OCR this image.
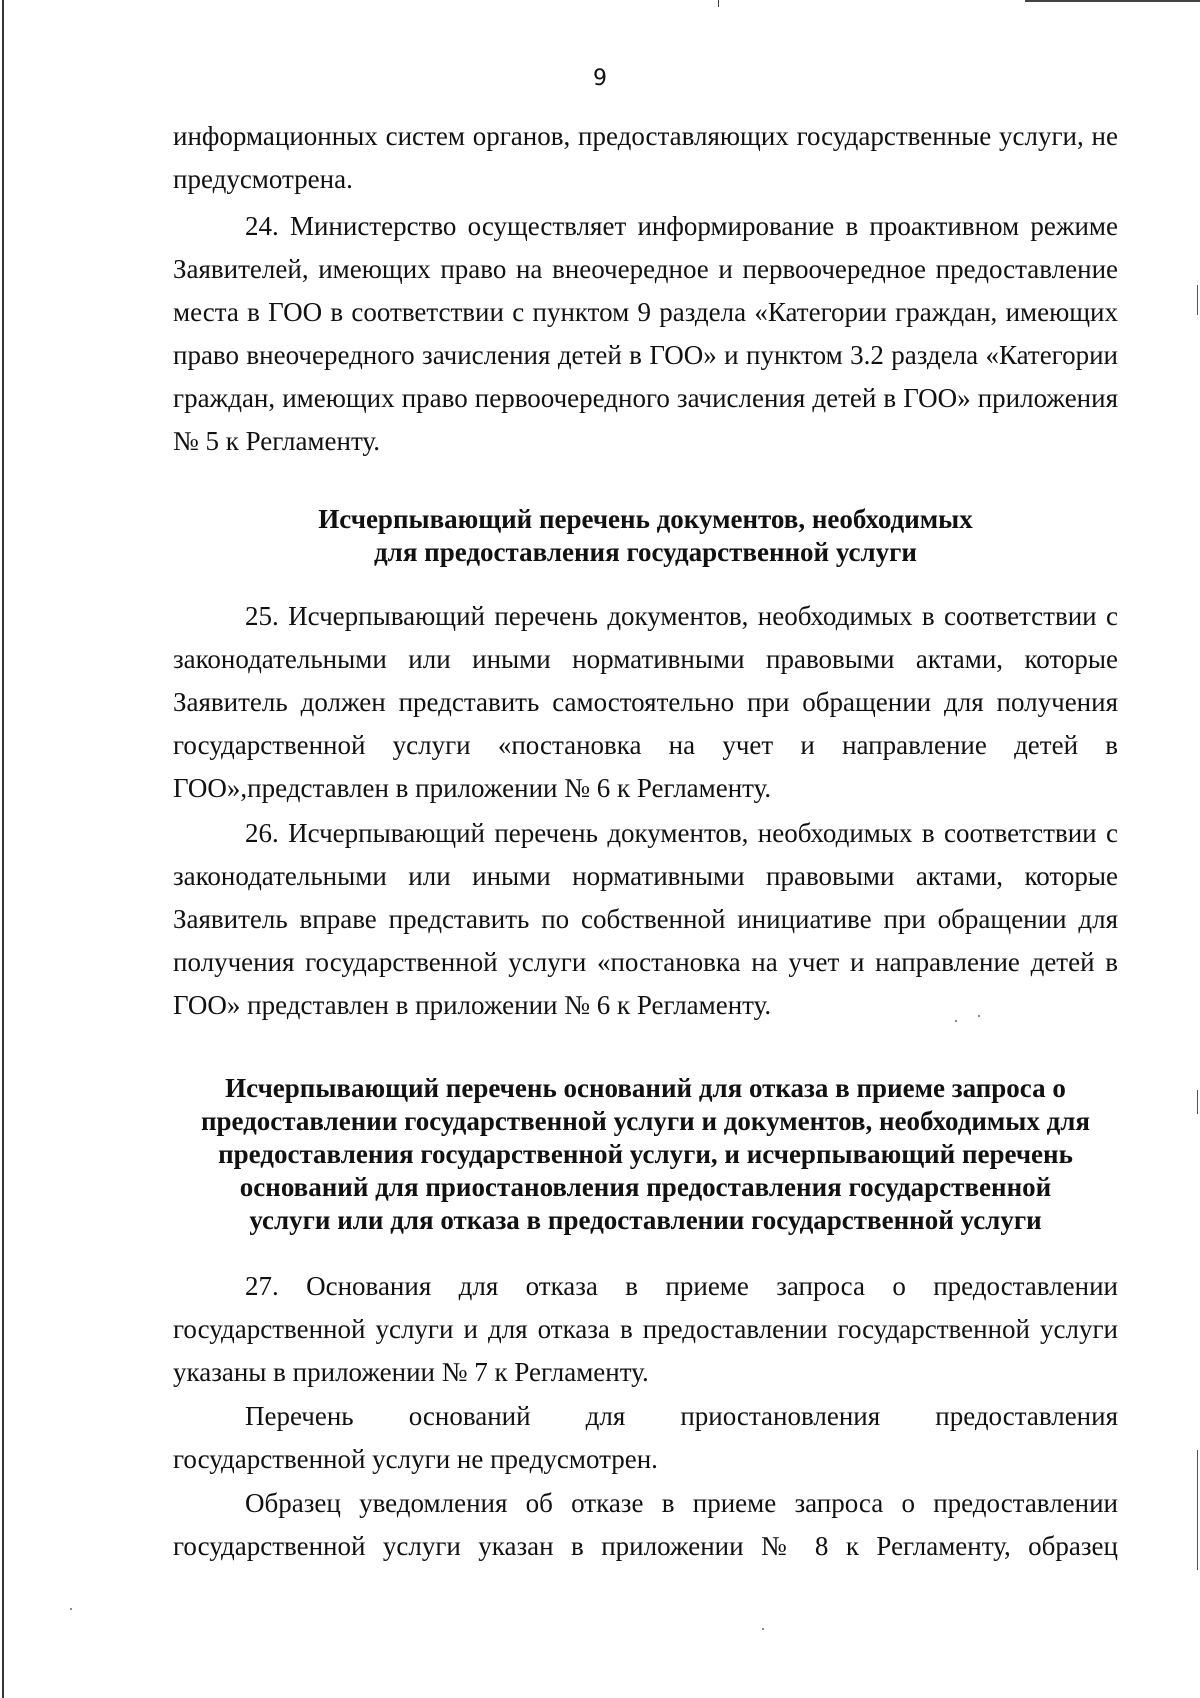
9

информационных систем органов, предоставляющих государственные услуги, не предусмотрена.

24. Министерство осуществляет информирование в проактивном режиме Заявителей, имеющих право на внеочередное и первоочередное предоставление места в ГОО в соответствии с пунктом 9 раздела «Категории граждан, имеющих право внеочередного зачисления детей в ГОО» и пунктом 3.2 раздела «Категории граждан, имеющих право первоочередного зачисления детей в ГОО» приложения № 5 к Регламенту.

Исчерпывающий перечень документов, необходимых
для предоставления государственной услуги

25. Исчерпывающий перечень документов, необходимых в соответствии с законодательными или иными нормативными правовыми актами, которые Заявитель должен представить самостоятельно при обращении для получения государственной услуги «постановка на учет и направление детей в ГОО»,представлен в приложении № 6 к Регламенту.

26. Исчерпывающий перечень документов, необходимых в соответствии с законодательными или иными нормативными правовыми актами, которые Заявитель вправе представить по собственной инициативе при обращении для получения государственной услуги «постановка на учет и направление детей в ГОО» представлен в приложении № 6 к Регламенту.

Исчерпывающий перечень оснований для отказа в приеме запроса о
предоставлении государственной услуги и документов, необходимых для
предоставления государственной услуги, и исчерпывающий перечень
оснований для приостановления предоставления государственной
услуги или для отказа в предоставлении государственной услуги

27. Основания для отказа в приеме запроса о предоставлении государственной услуги и для отказа в предоставлении государственной услуги указаны в приложении № 7 к Регламенту.

Перечень оснований для приостановления предоставления государственной услуги не предусмотрен.

Образец уведомления об отказе в приеме запроса о предоставлении государственной услуги указан в приложении № 8 к Регламенту, образец
